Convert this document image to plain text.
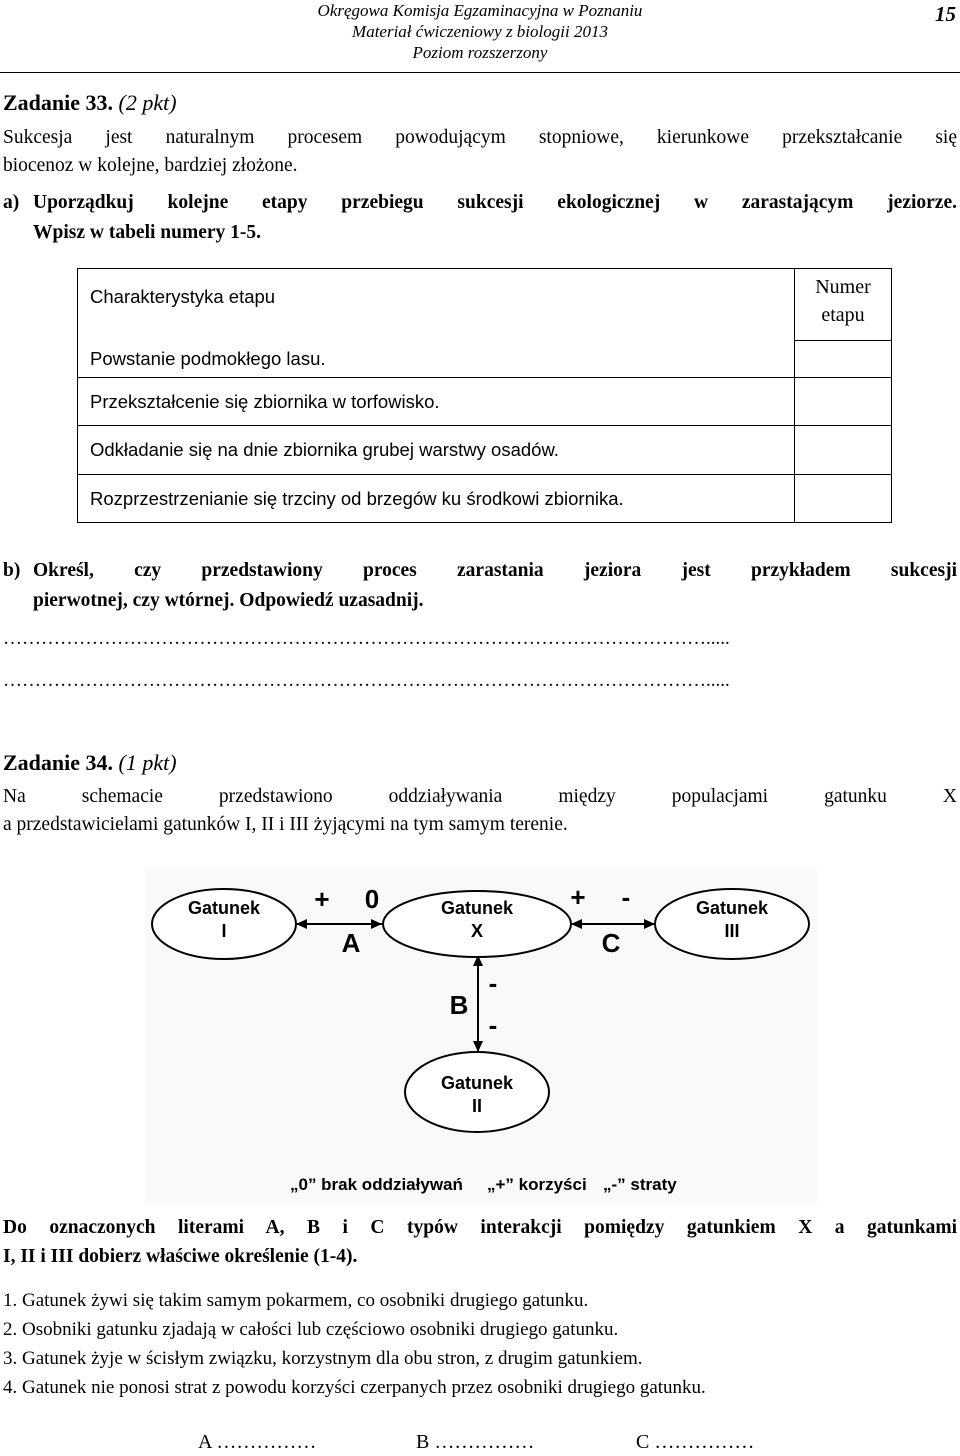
Okręgowa Komisja Egzaminacyjna w Poznaniu
Materiał ćwiczeniowy z biologii 2013
Poziom rozszerzony
15
Zadanie 33. (2 pkt)
Sukcesja jest naturalnym procesem powodującym stopniowe, kierunkowe przekształcanie się
biocenoz w kolejne, bardziej złożone.
a) Uporządkuj kolejne etapy przebiegu sukcesji ekologicznej w zarastającym jeziorze.
Wpisz w tabeli numery 1-5.
Charakterystyka etapu	Numer
etapu

Powstanie podmokłego lasu.	
Przekształcenie się zbiornika w torfowisko.	
Odkładanie się na dnie zbiornika grubej warstwy osadów.	
Rozprzestrzenianie się trzciny od brzegów ku środkowi zbiornika.	
b) Określ, czy przedstawiony proces zarastania jeziora jest przykładem sukcesji
pierwotnej, czy wtórnej. Odpowiedź uzasadnij.
………………………………………………………………………………………………….....
………………………………………………………………………………………………….....
Zadanie 34. (1 pkt)
Na schemacie przedstawiono oddziaływania między populacjami gatunku X
a przedstawicielami gatunków I, II i III żyjącymi na tym samym terenie.
Gatunek
I
Gatunek
X
Gatunek
III
Gatunek
II
+ 0
A
+ -
C
B
-
-
„0” brak oddziaływań „+” korzyści „-” straty
Do oznaczonych literami A, B i C typów interakcji pomiędzy gatunkiem X a gatunkami
I, II i III dobierz właściwe określenie (1-4).
1. Gatunek żywi się takim samym pokarmem, co osobniki drugiego gatunku.
2. Osobniki gatunku zjadają w całości lub częściowo osobniki drugiego gatunku.
3. Gatunek żyje w ścisłym związku, korzystnym dla obu stron, z drugim gatunkiem.
4. Gatunek nie ponosi strat z powodu korzyści czerpanych przez osobniki drugiego gatunku.
A ……………	B ……………	C ……………
